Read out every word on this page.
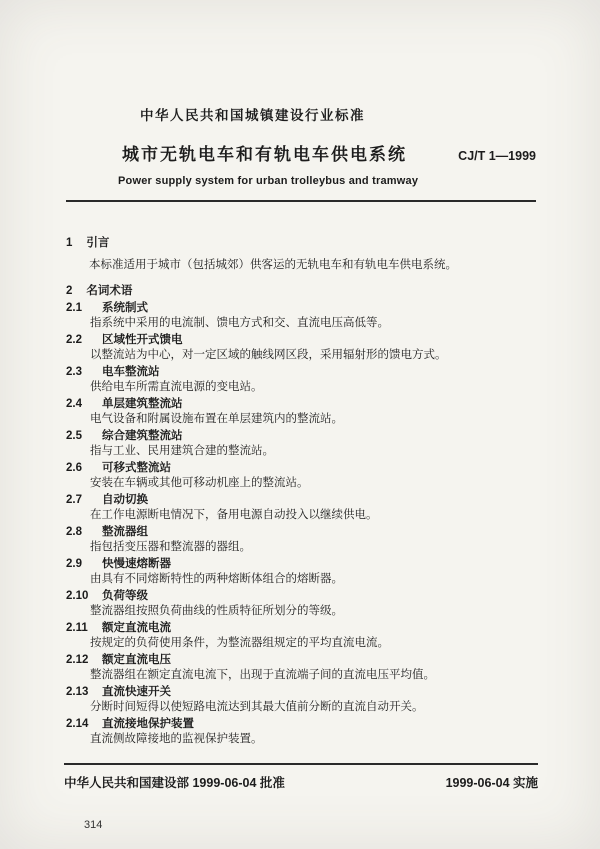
中华人民共和国城镇建设行业标准
城市无轨电车和有轨电车供电系统	CJ/T 1—1999
Power supply system for urban trolleybus and tramway
1 引言
本标准适用于城市（包括城郊）供客运的无轨电车和有轨电车供电系统。
2 名词术语
2.1 系统制式
指系统中采用的电流制、馈电方式和交、直流电压高低等。
2.2 区域性开式馈电
以整流站为中心，对一定区域的触线网区段，采用辐射形的馈电方式。
2.3 电车整流站
供给电车所需直流电源的变电站。
2.4 单层建筑整流站
电气设备和附属设施布置在单层建筑内的整流站。
2.5 综合建筑整流站
指与工业、民用建筑合建的整流站。
2.6 可移式整流站
安装在车辆或其他可移动机座上的整流站。
2.7 自动切换
在工作电源断电情况下，备用电源自动投入以继续供电。
2.8 整流器组
指包括变压器和整流器的器组。
2.9 快慢速熔断器
由具有不同熔断特性的两种熔断体组合的熔断器。
2.10 负荷等级
整流器组按照负荷曲线的性质特征所划分的等级。
2.11 额定直流电流
按规定的负荷使用条件，为整流器组规定的平均直流电流。
2.12 额定直流电压
整流器组在额定直流电流下，出现于直流端子间的直流电压平均值。
2.13 直流快速开关
分断时间短得以使短路电流达到其最大值前分断的直流自动开关。
2.14 直流接地保护装置
直流侧故障接地的监视保护装置。
中华人民共和国建设部 1999-06-04 批准	1999-06-04 实施
314
